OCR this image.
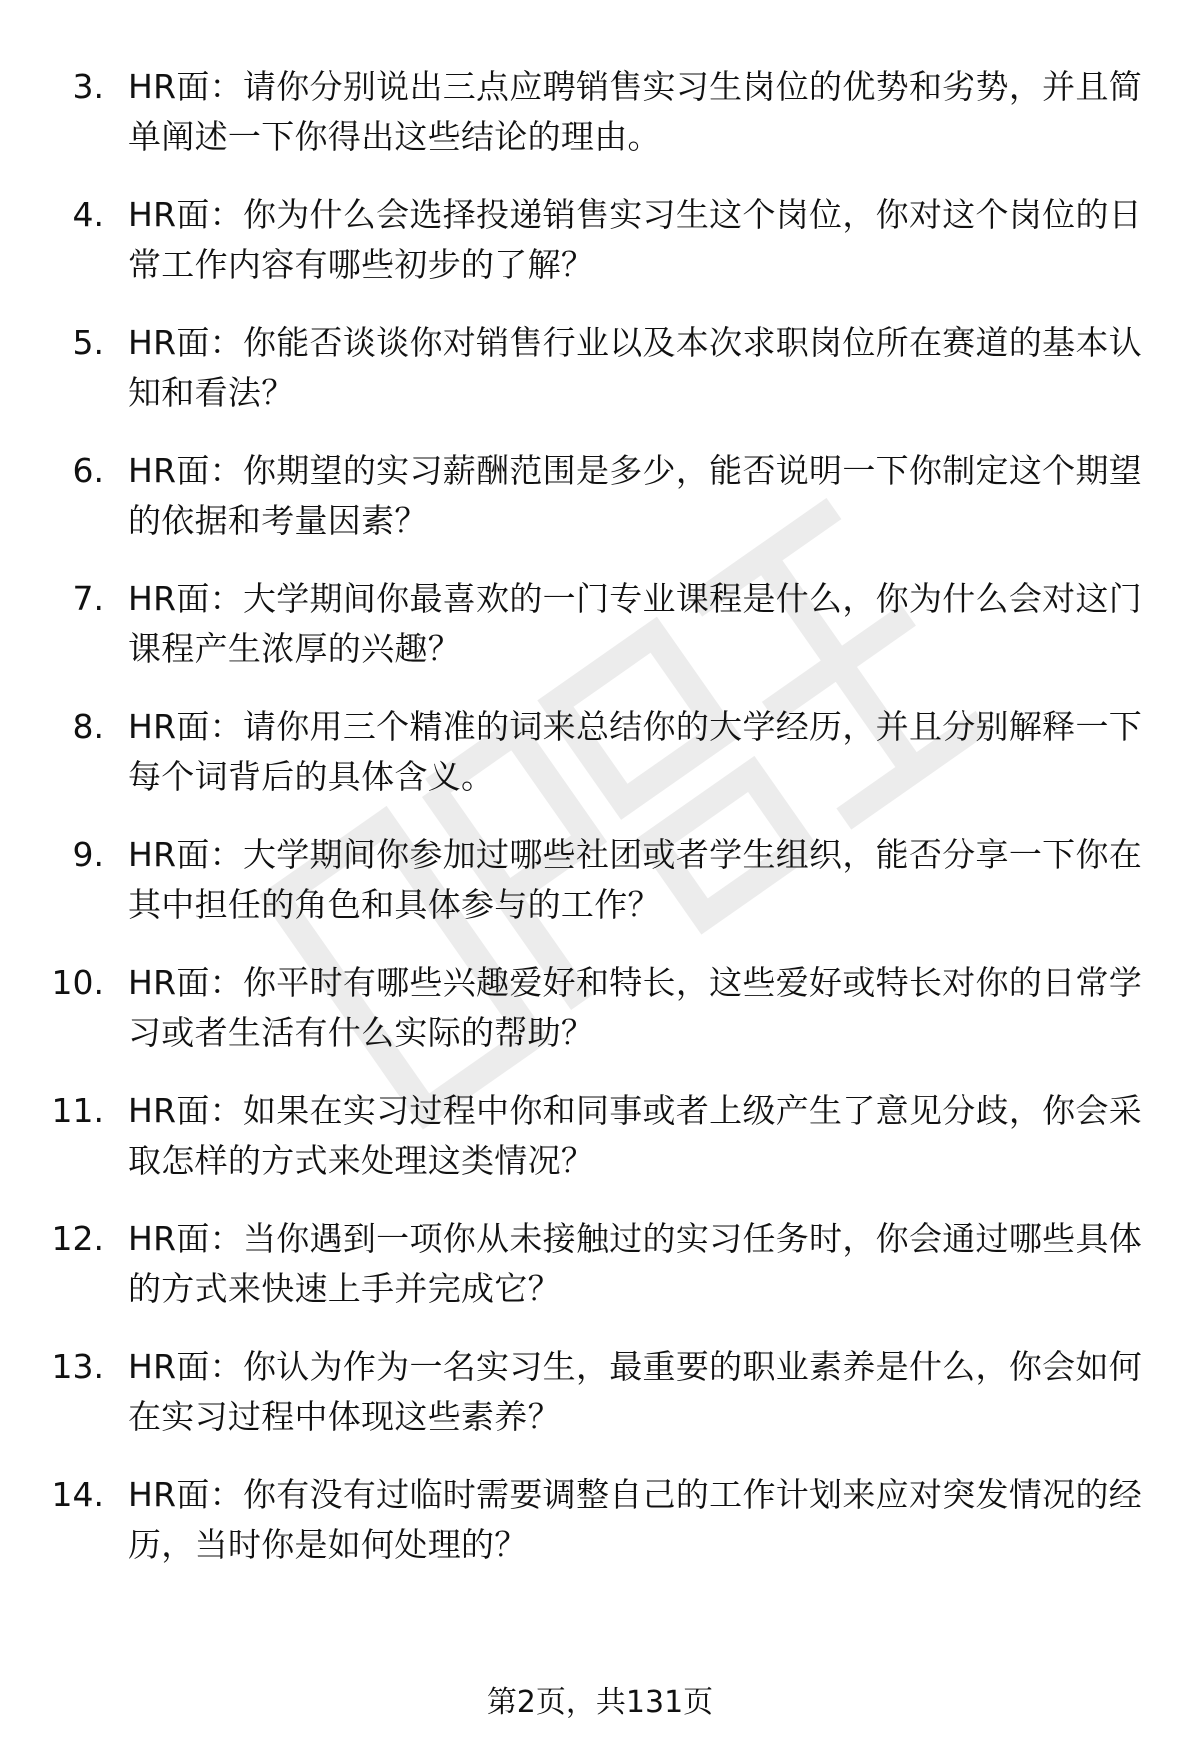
3. HR面：请你分别说出三点应聘销售实习生岗位的优势和劣势，并且简单阐述一下你得出这些结论的理由。
4. HR面：你为什么会选择投递销售实习生这个岗位，你对这个岗位的日常工作内容有哪些初步的了解？
5. HR面：你能否谈谈你对销售行业以及本次求职岗位所在赛道的基本认知和看法？
6. HR面：你期望的实习薪酬范围是多少，能否说明一下你制定这个期望的依据和考量因素？
7. HR面：大学期间你最喜欢的一门专业课程是什么，你为什么会对这门课程产生浓厚的兴趣？
8. HR面：请你用三个精准的词来总结你的大学经历，并且分别解释一下每个词背后的具体含义。
9. HR面：大学期间你参加过哪些社团或者学生组织，能否分享一下你在其中担任的角色和具体参与的工作？
10. HR面：你平时有哪些兴趣爱好和特长，这些爱好或特长对你的日常学习或者生活有什么实际的帮助？
11. HR面：如果在实习过程中你和同事或者上级产生了意见分歧，你会采取怎样的方式来处理这类情况？
12. HR面：当你遇到一项你从未接触过的实习任务时，你会通过哪些具体的方式来快速上手并完成它？
13. HR面：你认为作为一名实习生，最重要的职业素养是什么，你会如何在实习过程中体现这些素养？
14. HR面：你有没有过临时需要调整自己的工作计划来应对突发情况的经历，当时你是如何处理的？
第2页，共131页
